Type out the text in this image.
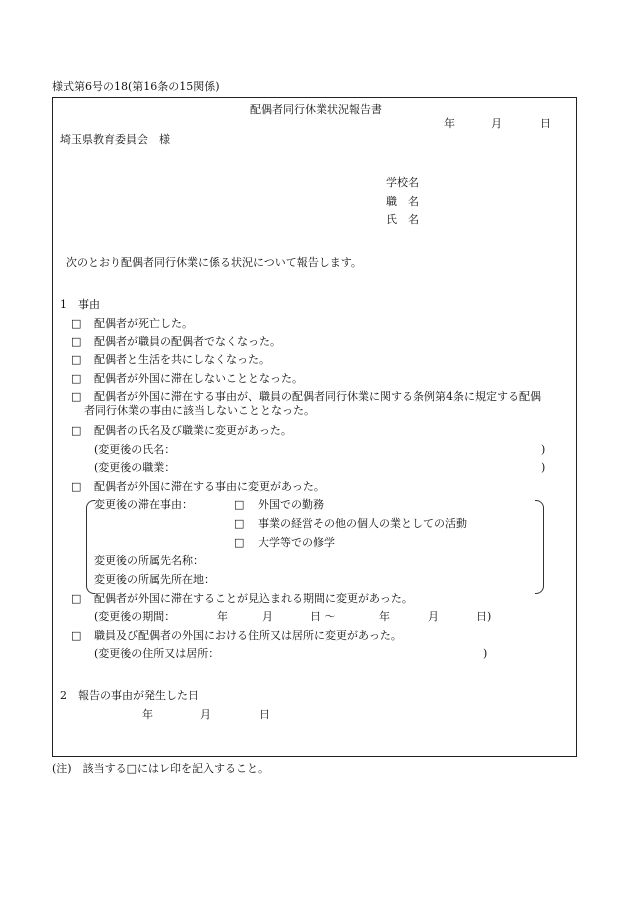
様式第6号の18(第16条の15関係)
配偶者同行休業状況報告書
年	月	日
埼玉県教育委員会　様
学校名
職　名
氏　名
次のとおり配偶者同行休業に係る状況について報告します。
1　事由
□ 配偶者が死亡した。
□ 配偶者が職員の配偶者でなくなった。
□ 配偶者と生活を共にしなくなった。
□ 配偶者が外国に滞在しないこととなった。
□ 配偶者が外国に滞在する事由が、職員の配偶者同行休業に関する条例第4条に規定する配偶
者同行休業の事由に該当しないこととなった。
□ 配偶者の氏名及び職業に変更があった。
(変更後の氏名：	)
(変更後の職業：	)
□ 配偶者が外国に滞在する事由に変更があった。
変更後の滞在事由：	□ 外国での勤務
□ 事業の経営その他の個人の業としての活動
□ 大学等での修学
変更後の所属先名称：
変更後の所属先所在地：
□ 配偶者が外国に滞在することが見込まれる期間に変更があった。
(変更後の期間：	年	月	日 ～	年	月	日)
□ 職員及び配偶者の外国における住所又は居所に変更があった。
(変更後の住所又は居所：	)
2　報告の事由が発生した日
年	月	日
(注)　該当する□にはレ印を記入すること。
